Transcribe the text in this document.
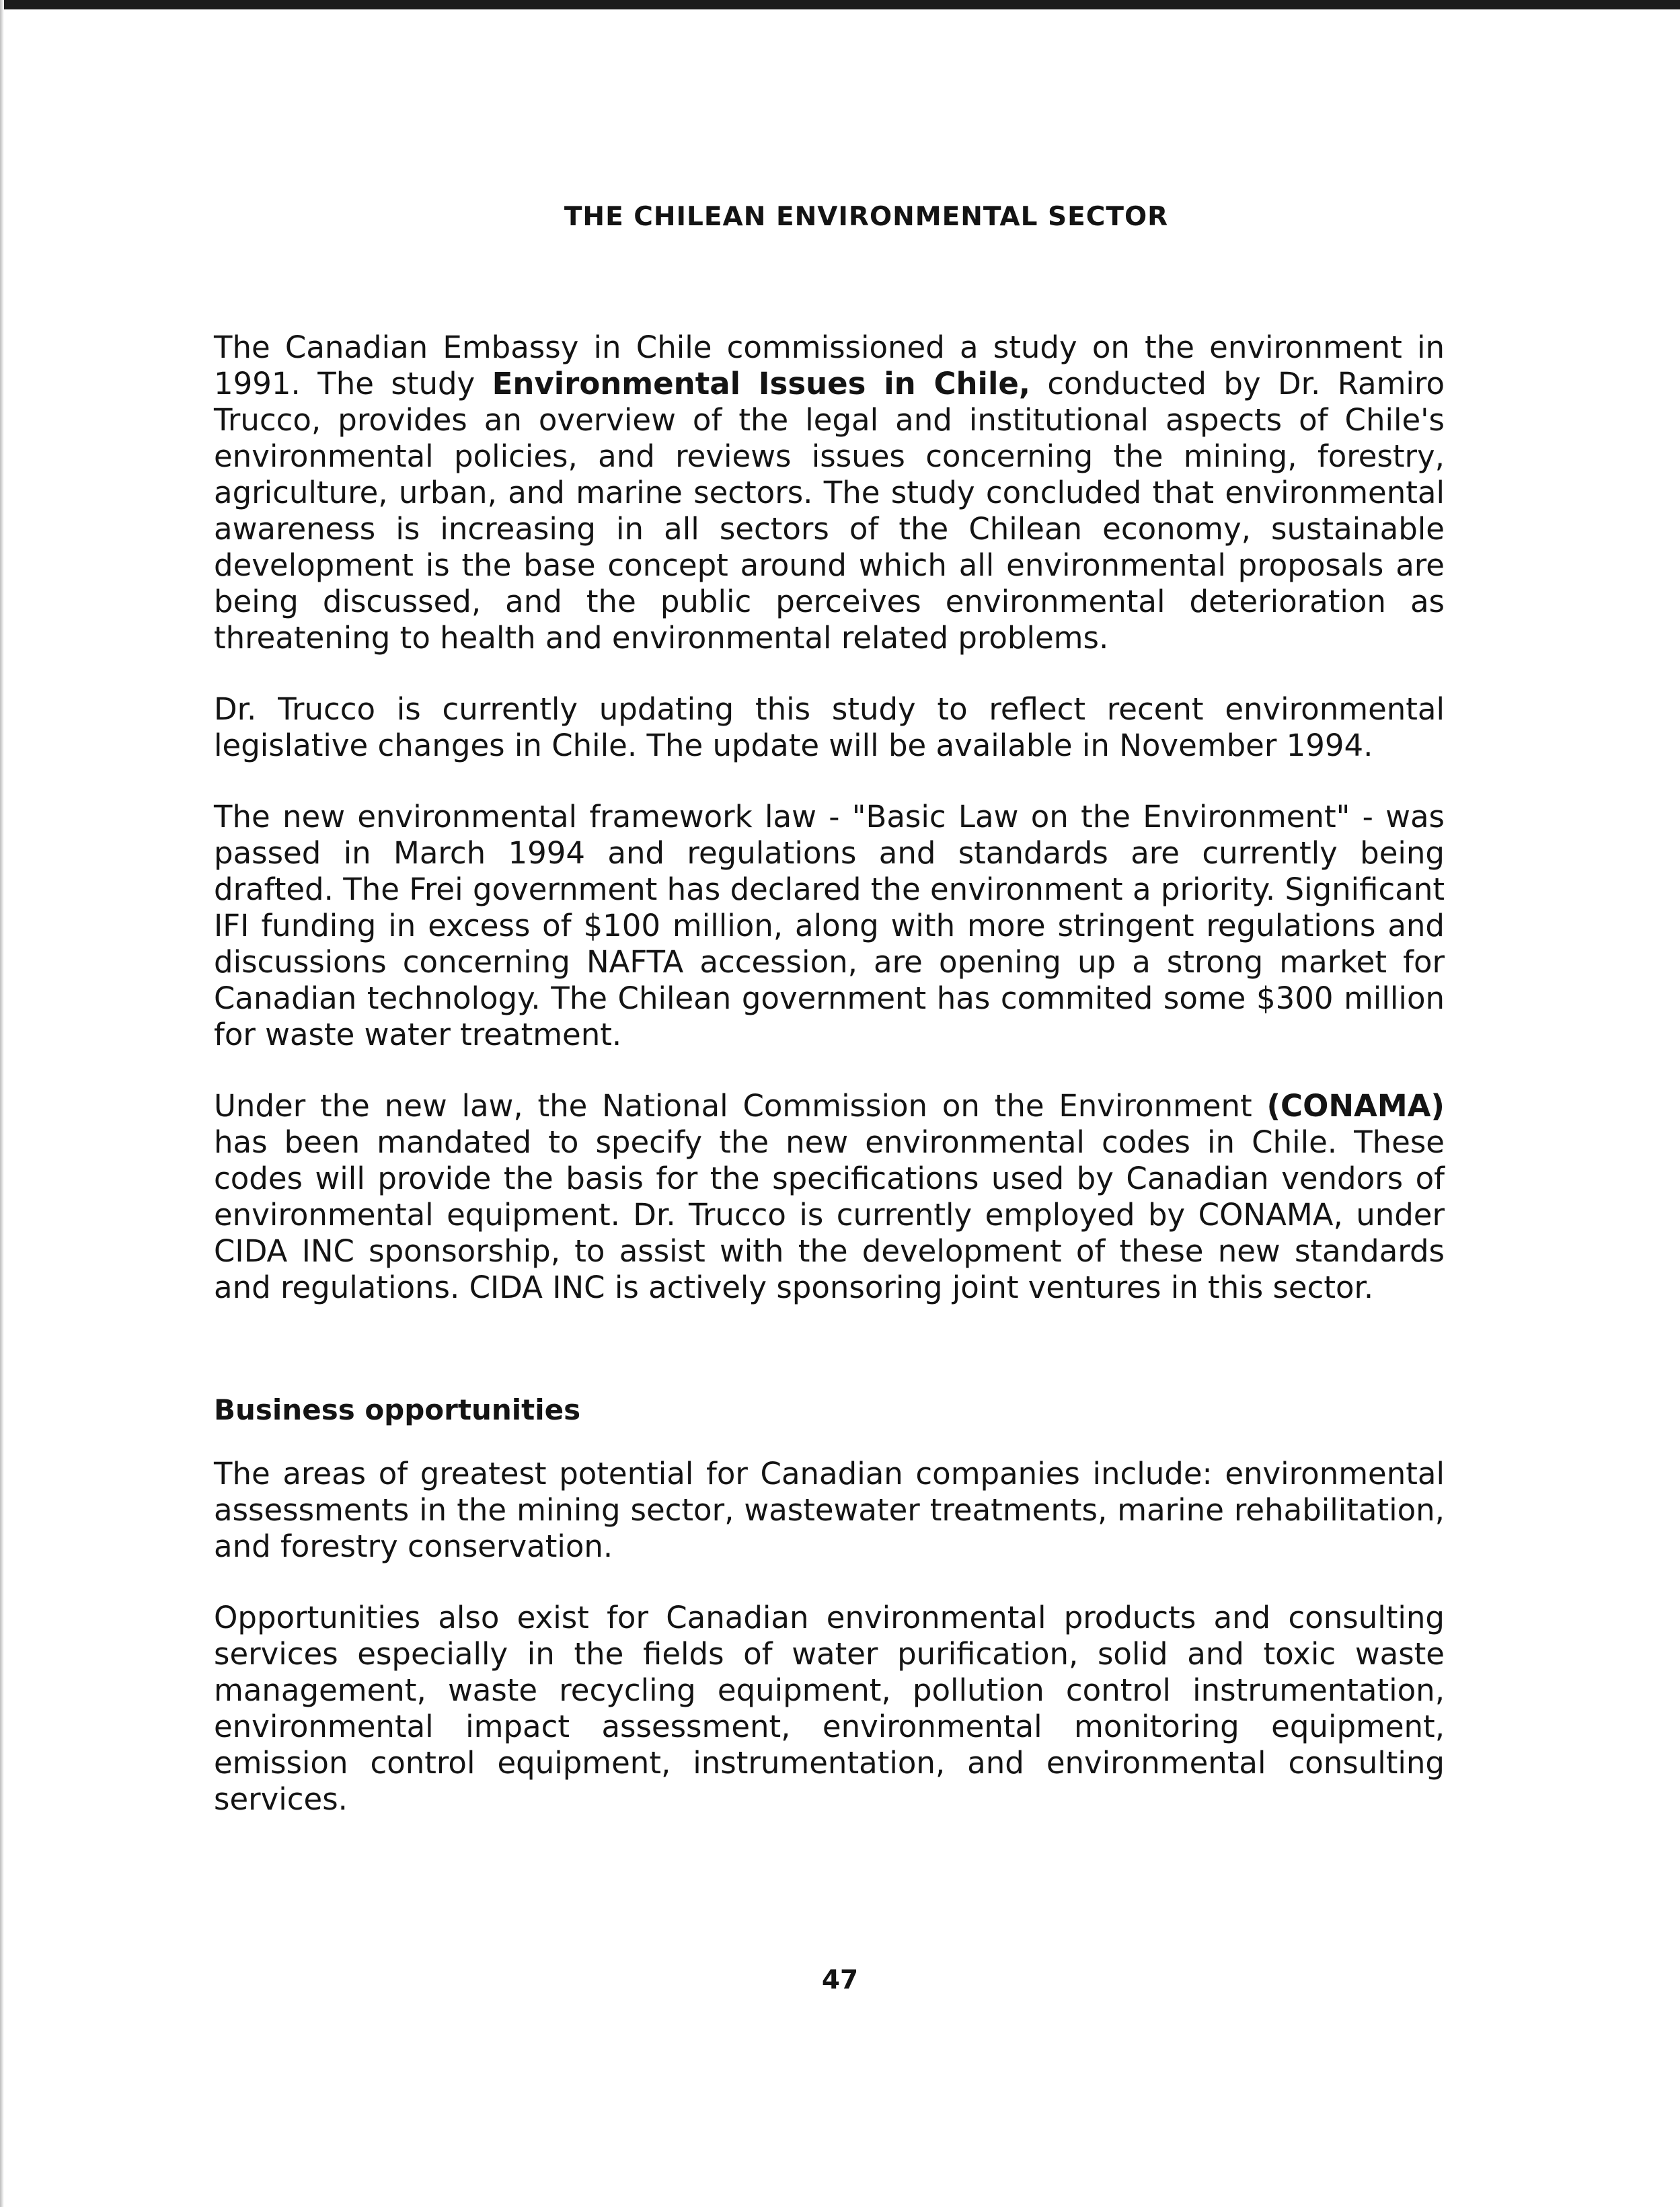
THE CHILEAN ENVIRONMENTAL SECTOR

The Canadian Embassy in Chile commissioned a study on the environment in 1991. The study Environmental Issues in Chile, conducted by Dr. Ramiro Trucco, provides an overview of the legal and institutional aspects of Chile's environmental policies, and reviews issues concerning the mining, forestry, agriculture, urban, and marine sectors. The study concluded that environmental awareness is increasing in all sectors of the Chilean economy, sustainable development is the base concept around which all environmental proposals are being discussed, and the public perceives environmental deterioration as threatening to health and environmental related problems.

Dr. Trucco is currently updating this study to reflect recent environmental legislative changes in Chile. The update will be available in November 1994.

The new environmental framework law - "Basic Law on the Environment" - was passed in March 1994 and regulations and standards are currently being drafted. The Frei government has declared the environment a priority. Significant IFI funding in excess of $100 million, along with more stringent regulations and discussions concerning NAFTA accession, are opening up a strong market for Canadian technology. The Chilean government has commited some $300 million for waste water treatment.

Under the new law, the National Commission on the Environment (CONAMA) has been mandated to specify the new environmental codes in Chile. These codes will provide the basis for the specifications used by Canadian vendors of environmental equipment. Dr. Trucco is currently employed by CONAMA, under CIDA INC sponsorship, to assist with the development of these new standards and regulations. CIDA INC is actively sponsoring joint ventures in this sector.

Business opportunities

The areas of greatest potential for Canadian companies include: environmental assessments in the mining sector, wastewater treatments, marine rehabilitation, and forestry conservation.

Opportunities also exist for Canadian environmental products and consulting services especially in the fields of water purification, solid and toxic waste management, waste recycling equipment, pollution control instrumentation, environmental impact assessment, environmental monitoring equipment, emission control equipment, instrumentation, and environmental consulting services.

47
